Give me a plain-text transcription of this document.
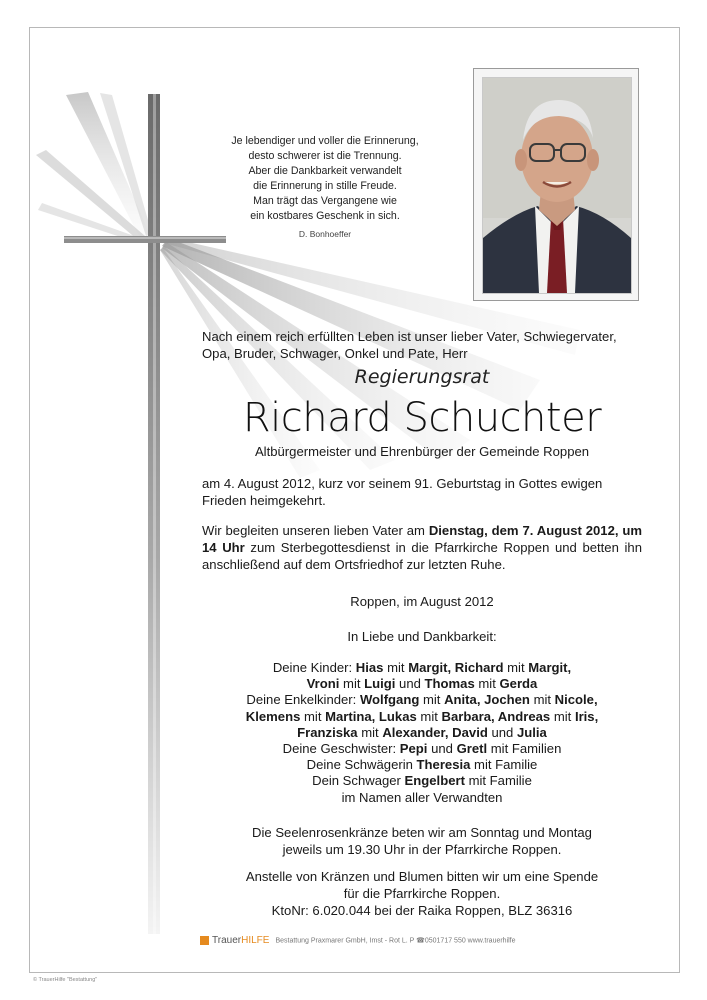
Je lebendiger und voller die Erinnerung,
desto schwerer ist die Trennung.
Aber die Dankbarkeit verwandelt
die Erinnerung in stille Freude.
Man trägt das Vergangene wie
ein kostbares Geschenk in sich.
D. Bonhoeffer
Nach einem reich erfüllten Leben ist unser lieber Vater, Schwiegervater, Opa, Bruder, Schwager, Onkel und Pate, Herr
Regierungsrat
Richard Schuchter
Altbürgermeister und Ehrenbürger der Gemeinde Roppen
am 4. August 2012, kurz vor seinem 91. Geburtstag in Gottes ewigen Frieden heimgekehrt.
Wir begleiten unseren lieben Vater am Dienstag, dem 7. August 2012, um 14 Uhr zum Sterbegottesdienst in die Pfarrkirche Roppen und betten ihn anschließend auf dem Ortsfriedhof zur letzten Ruhe.
Roppen, im August 2012
In Liebe und Dankbarkeit:
Deine Kinder: Hias mit Margit, Richard mit Margit,
Vroni mit Luigi und Thomas mit Gerda
Deine Enkelkinder: Wolfgang mit Anita, Jochen mit Nicole,
Klemens mit Martina, Lukas mit Barbara, Andreas mit Iris,
Franziska mit Alexander, David und Julia
Deine Geschwister: Pepi und Gretl mit Familien
Deine Schwägerin Theresia mit Familie
Dein Schwager Engelbert mit Familie
im Namen aller Verwandten
Die Seelenrosenkränze beten wir am Sonntag und Montag
jeweils um 19.30 Uhr in der Pfarrkirche Roppen.
Anstelle von Kränzen und Blumen bitten wir um eine Spende
für die Pfarrkirche Roppen.
KtoNr: 6.020.044 bei der Raika Roppen, BLZ 36316
TrauerHILFE Bestattung Praxmarer GmbH, Imst - Rot L. P ☎0501717 550 www.trauerhilfe
© TrauerHilfe "Bestattung"
